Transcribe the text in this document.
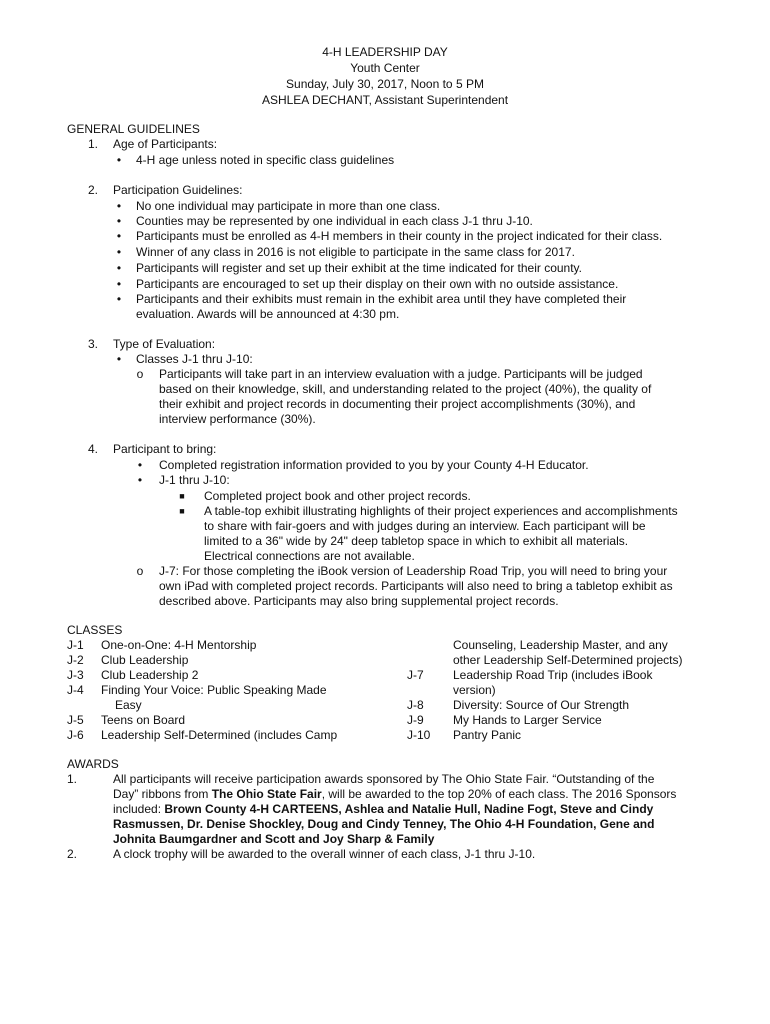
4-H LEADERSHIP DAY
Youth Center
Sunday, July 30, 2017, Noon to 5 PM
ASHLEA DECHANT, Assistant Superintendent
GENERAL GUIDELINES
1. Age of Participants:
•	4-H age unless noted in specific class guidelines
2. Participation Guidelines:
•	No one individual may participate in more than one class.
•	Counties may be represented by one individual in each class J-1 thru J-10.
•	Participants must be enrolled as 4-H members in their county in the project indicated for their class.
•	Winner of any class in 2016 is not eligible to participate in the same class for 2017.
•	Participants will register and set up their exhibit at the time indicated for their county.
•	Participants are encouraged to set up their display on their own with no outside assistance.
•	Participants and their exhibits must remain in the exhibit area until they have completed their
evaluation. Awards will be announced at 4:30 pm.
3. Type of Evaluation:
•	Classes J-1 thru J-10:
o	Participants will take part in an interview evaluation with a judge. Participants will be judged
based on their knowledge, skill, and understanding related to the project (40%), the quality of
their exhibit and project records in documenting their project accomplishments (30%), and
interview performance (30%).
4. Participant to bring:
•	Completed registration information provided to you by your County 4-H Educator.
•	J-1 thru J-10:
■	Completed project book and other project records.
■	A table-top exhibit illustrating highlights of their project experiences and accomplishments
to share with fair-goers and with judges during an interview. Each participant will be
limited to a 36" wide by 24" deep tabletop space in which to exhibit all materials.
Electrical connections are not available.
o	J-7: For those completing the iBook version of Leadership Road Trip, you will need to bring your
own iPad with completed project records. Participants will also need to bring a tabletop exhibit as
described above. Participants may also bring supplemental project records.
CLASSES
J-1 One-on-One: 4-H Mentorship
J-2 Club Leadership
J-3 Club Leadership 2
J-4 Finding Your Voice: Public Speaking Made
Easy
J-5 Teens on Board
J-6 Leadership Self-Determined (includes Camp
Counseling, Leadership Master, and any
other Leadership Self-Determined projects)
J-7 Leadership Road Trip (includes iBook
version)
J-8 Diversity: Source of Our Strength
J-9 My Hands to Larger Service
J-10 Pantry Panic
AWARDS
1.	All participants will receive participation awards sponsored by The Ohio State Fair. “Outstanding of the
Day” ribbons from The Ohio State Fair, will be awarded to the top 20% of each class. The 2016 Sponsors
included: Brown County 4-H CARTEENS, Ashlea and Natalie Hull, Nadine Fogt, Steve and Cindy
Rasmussen, Dr. Denise Shockley, Doug and Cindy Tenney, The Ohio 4-H Foundation, Gene and
Johnita Baumgardner and Scott and Joy Sharp & Family
2.	A clock trophy will be awarded to the overall winner of each class, J-1 thru J-10.
